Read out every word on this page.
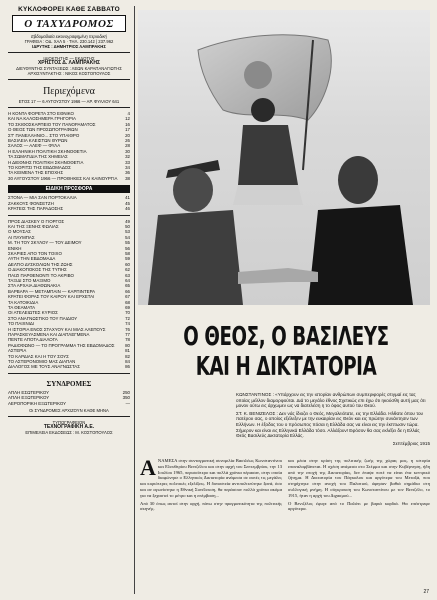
ΚΥΚΛΟΦΟΡΕΙ ΚΑΘΕ ΣΑΒΒΑΤΟ
Ο ΤΑΧΥΔΡΟΜΟΣ
Εβδομαδιαία εικονογραφημένη περιοδική
ΓΡΑΦΕΙΑ : ΟΔ. ΧΑΛ 5 · ΤΗΛ. 230.142 | 237.962
ΙΔΡΥΤΗΣ : ΔΗΜΗΤΡΙΟΣ ΛΑΜΠΡΑΚΗΣ
ΙΔΙΟΚΤΗΤΗΣ — ΕΚΔΟΤΗΣ
ΧΡΗΣΤΟΣ Δ. ΛΑΜΠΡΑΚΗΣ
ΔΙΕΥΘΥΝΤΗΣ ΣΥΝΤΑΞΕΩΣ : ΛΕΩΝ ΚΑΡΑΠΑΝΑΓΙΩΤΗΣ
ΑΡΧΙΣΥΝΤΑΚΤΗΣ : ΝΙΚΟΣ ΚΟΣΤΟΠΟΥΛΟΣ
Περιεχόμενα
ΕΤΟΣ 17 — 6 ΑΥΓΟΥΣΤΟΥ 1966 — ΑΡ. ΦΥΛΛΟΥ 641
Η ΚΟΝΤΑ ΦΟΡΕΤΑ ΣΤΟ ΕΘΝΙΚΟ	4
ΚΑΙ ΝΑ ΚΑΛΟΣΗΜΕΡΑ ΓΡΗΓΟΡΙΑ	12
ΤΟ ΣΚΙΘΟΣΚΑΡΠΕΙΟ ΤΟΥ ΠΑΝΟΡΑΜΑΤΟΣ	16
Ο ΘΕΟΣ ΤΩΝ ΠΡΟΣΩΠΟΓΡΑΦΙΩΝ	17
ΣΤ' ΠΑΝΕΛΛΗΝΙΟ... ΣΤΟ ΥΠΑΙΘΡΟ	20
ΒΑΣΙΛΕΙΑ ΚΛΕΙΣΤΩΝ ΘΥΡΩΝ	26
ΣΑΛΟΣ — ΑΛΕΦ — ΦΥΛΑ	28
Η ΕΛΛΗΝΙΚΗ ΠΟΛΙΤΙΚΗ ΣΚΗΝΟΘΕΤΙΑ	30
ΤΑ ΣΩΜΑΤΙΔΙΑ ΤΗΣ ΧΗΜΕΙΑΣ	32
Η ΔΙΕΘΝΗΣ ΠΟΛΙΤΙΚΗ ΣΚΗΝΟΘΕΤΙΑ	33
ΤΟ ΚΟΡΙΤΣΙ ΤΗΣ ΕΒΔΟΜΑΔΟΣ	34
ΤΑ ΚΕΙΜΕΝΑ ΤΗΣ ΕΠΟΧΗΣ	36
30 ΑΥΓΟΥΣΤΟΥ 1966 — ΠΡΟΘΗΚΕΣ ΚΑΙ ΚΑΙΝΟΥΡΓΙΑ	38
ΕΙΔΙΚΗ ΠΡΟΣΦΟΡΑ
ΣΤΟΝΑ — ΜΙΑ ΣΑΝ ΠΟΡΤΟΚΑΛΙΑ	41
ΖΑΚΚΟΥΣ ΦΟΝΣΕΤΖΗ	45
ΚΡΑΤΕΙΣ ΤΗΣ ΠΑΡΑΔΟΣΗΣ	46
ΠΡΟΣ ΔΙΑΣΚΕΥ Ο ΓΙΟΡΓΟΣ	49
ΚΑΙ ΤΗΣ ΞΕΝΗΣ ΦΩΛΙΑΣ	50
Ο ΜΟΥΣΑΣ	53
ΑΙ ΠΛΥΜΠΑΣ	54
Μ. ΤΗ ΤΟΥ ΣΚΥΛΟΥ — ΤΟΥ ΔΕΙΜΟΥ	55
ΕΝΙΚΗ	56
ΣΚΑΡΙΕΣ ΑΠΟ ΤΟΝ ΤΟΙΧΟ	58
ΑΥΤΗ ΤΗΝ ΕΒΔΟΜΑΔΑ	59
ΔΕΛΤΙΟ ΔΥΣΚΟΛΙΩΝ ΤΗΣ ΖΩΗΣ	60
Ο ΔΙΑΚΟΠΟΚΟΣ ΤΗΣ ΤΥΠΗΣ	62
ΠΑΙΖΙ ΠΑΡΘΕΝΟΝΤΙ ΤΟ ΑΚΡΙΒΟ	63
ΤΑΞΙΔΙ ΣΤΟ ΜΑΞΙΜΟ	64
ΣΤΑ ΑΡΧΑΙΑ ΔΙΑΦΩΝΑΚΙΑ	65
ΒΑΡΒΑΡΑ — ΜΕΤΑΜΠΑΙΝ — ΚΑΡΠΙΝΤΕΡΑ	66
ΚΡΑΤΕΙ ΦΟΡΑΣ ΤΟΥ ΚΑΙΡΟΥ ΚΑΙ ΕΡΧΕΤΑΙ	67
ΤΑ ΚΑΤΟΙΚΙΔΙΑ	68
ΤΑ ΘΕΑΜΑΤΑ	69
ΟΙ ΑΤΕΛΕΙΩΤΕΣ ΚΥΡΙΟΣ	70
ΣΤΟ ΑΝΑΓΝΩΣΤΙΚΟ ΤΟΥ ΠΑΙΔΙΟΥ	72
ΤΟ ΠΑΙΧΝΙΔΙ	74
Η ΙΣΤΟΡΙΑ ΕΝΟΣ ΣΤΑΧΥΟΥ ΚΑΙ ΜΙΑΣ ΑΛΕΠΟΥΣ	76
ΠΑΡΑΣΚΕΥΑΣΜΕΝΑ ΚΑΙ ΔΙΑΠΛΕΓΜΕΝΑ	77
ΠΕΝΤΕ ΑΠΟΤΑ ΔΙΑΛΟΓΑ	78
ΡΑΔΙΟΦΩΝΟ — ΤΟ ΠΡΟΓΡΑΜΜΑ ΤΗΣ ΕΒΔΟΜΑΔΟΣ	80
ΑΣΤΕΡΙΑ	81
ΤΟ ΚΑΡΔΙΑΣ ΚΑΙ Η ΤΟΥ ΣΟΥΣ	82
ΤΟ ΑΣΤΕΡΟΝΟΜΙΟ ΜΑΣ ΔΙΑΠΑΝ	84
ΔΙΑΛΟΓΟΣ ΜΕ ΤΟΥΣ ΑΝΑΓΝΩΣΤΑΣ	86
ΣΥΝΔΡΟΜΕΣ
ΑΠΛΗ ΕΣΩΤΕΡΙΚΟΥ	250
ΑΠΛΗ ΕΞΩΤΕΡΙΚΟΥ	350
ΑΕΡΟΠΟΡΙΚΗ ΕΞΩΤΕΡΙΚΟΥ	—
Οι ΣΥΝΔΡΟΜΕΣ ΑΡΧΙΖΟΥΝ ΚΑΘΕ ΜΗΝΑ
ΤΥΠΟΓΡΑΦΕΙΟΝ
ΤΕΧΝΟΓΡΑΦΙΚΗ Α.Ε.
ΕΠΙΜΕΛΕΙΑ ΕΚΔΟΣΕΩΣ : Μ. ΚΟΣΤΟΠΟΥΛΟΣ
Ο ΘΕΟΣ, Ο ΒΑΣΙΛΕΥΣ
ΚΑΙ Η ΔΙΚΤΑΤΟΡΙΑ
ΚΩΝΣΤΑΝΤΙΝΟΣ : «Υπάρχουν εις την ιστορίαν ανθρώπων συμπεριφορές στιγμαί εις τας οποίας μέλλον διαμορφούται. Διά το μεγάλο έθνος Σχετικώς επι έχω ότι ηκούσθη αυτή μας ότι μονον ούτω εις άρχωμεν ως να διατελέση η το όφος αυτού του Θεού.
ΣΤ. Κ. ΒΕΝΙΖΕΛΟΣ : Δεν νάς ίδιοζει ο Θεός, Μεγαλειότατε, εις την Ελλάδα. Ηλθατε όπου του πατέρου σας, ο οποίος εξέλεξεν με την ευκαιρίαν εις Θεόν και εις πρώτην συνάντησιν των Ελλήνων. Η έξοδος του ο πρόσωπος πόσαι η Ελλάδα σας να είναι εις την έκπτωσιν τώρα. Σήμερον και είναι εις Ελληνικά Ελλάδα τόσο. Αλλάζουν! Εφόσον θα σας εκλέξει δε η Ελλάς Θεός Βασιλεύς Δικτατορία Ελλάς.
Σεπτέμβριος 1915
ΑΝΑΜΕΣΑ στην συνταγματική συνομιλία Βασιλέως Κωνσταντίνου και Ελευθερίου Βενιζέλου και στην αρχή του Σεπτεμβρίου, την 13 Ιουλίου 1965, περισσότερο και πολλά χρόνια πέρασαν, στην οποία διαφώνησε ο Ελληνικός Δικτατορία ανάμεσα σε αυτές τις μεγάλες και κυριότερες πολιτικές εξελίξεις. Η δυναστεία αντιπολιτεύτηκε ξανά, όσο και αν αγωνίστηκε η Εθνική Συνέλευση, θα περάσουν πολλά χρόνια ακόμα για να ξεχαστεί το μέτρο και η επέμβαση...
Από 30 όπως αυτοί στην αρχή, πάνω στην πραγματικότητα της πολιτικής σκηνής.
και μέσα στην κρίση της πολιτικής ζωής της χώρας μας, η ιστορία επαναλαμβάνεται. Η σχέση ανάμεσα στο Στέμμα και στην Κυβέρνηση, ήδη από την εποχή της Δικτατορίας, δεν έπαψε ποτέ να είναι ένα κεντρικό ζήτημα. Η Δικτατορία του Πάγκαλου και αργότερα του Μεταξά, που στηρίχτηκε στην ανοχή του Παλατιού, άφησαν βαθιά σημάδια στη συλλογική μνήμη. Η σύγκρουση του Κωνσταντίνου με τον Βενιζέλο, το 1915, ήταν η αρχή του Διχασμού...
Ο Βενιζέλος έφυγε από το Παλάτι με βαριά καρδιά. Θα επέστρεφε αργότερα.
27
